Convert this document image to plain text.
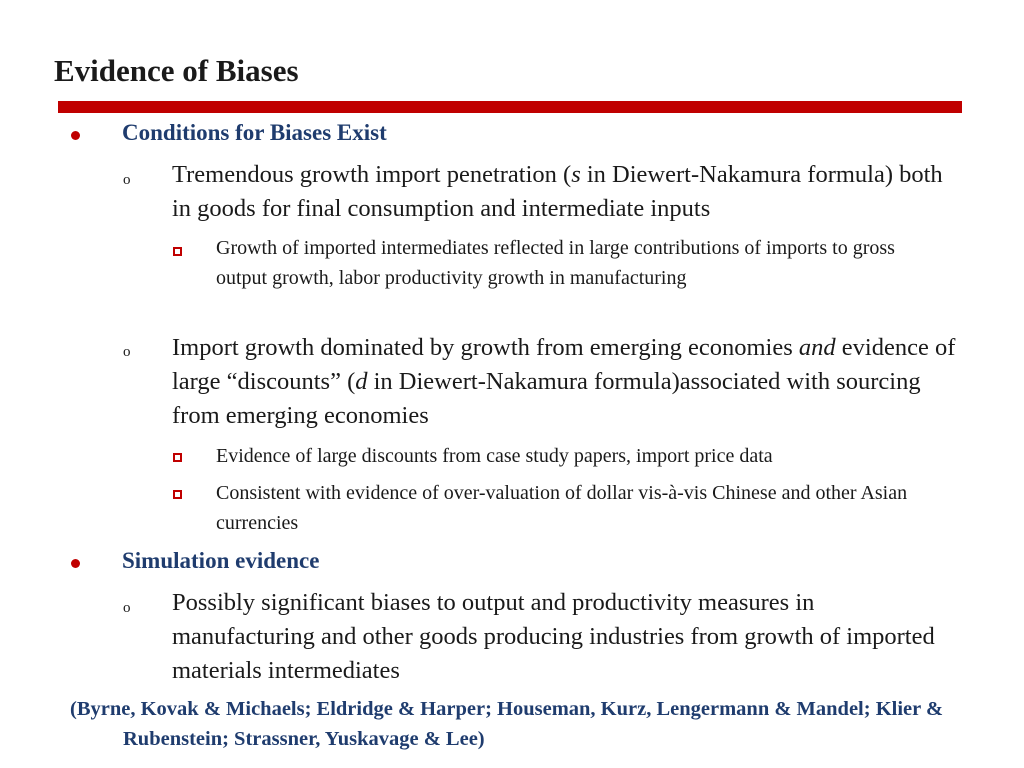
Evidence of Biases
Conditions for Biases Exist
o Tremendous growth import penetration (s in Diewert-Nakamura formula) both in goods for final consumption and intermediate inputs
Growth of imported intermediates reflected in large contributions of imports to gross output growth, labor productivity growth in manufacturing
o Import growth dominated by growth from emerging economies and evidence of large “discounts” (d in Diewert-Nakamura formula)associated with sourcing from emerging economies
Evidence of large discounts from case study papers, import price data
Consistent with evidence of over-valuation of dollar vis-à-vis Chinese and other Asian currencies
Simulation evidence
o Possibly significant biases to output and productivity measures in manufacturing and other goods producing industries from growth of imported materials intermediates
(Byrne, Kovak & Michaels; Eldridge & Harper; Houseman, Kurz, Lengermann & Mandel; Klier & Rubenstein; Strassner, Yuskavage & Lee)
